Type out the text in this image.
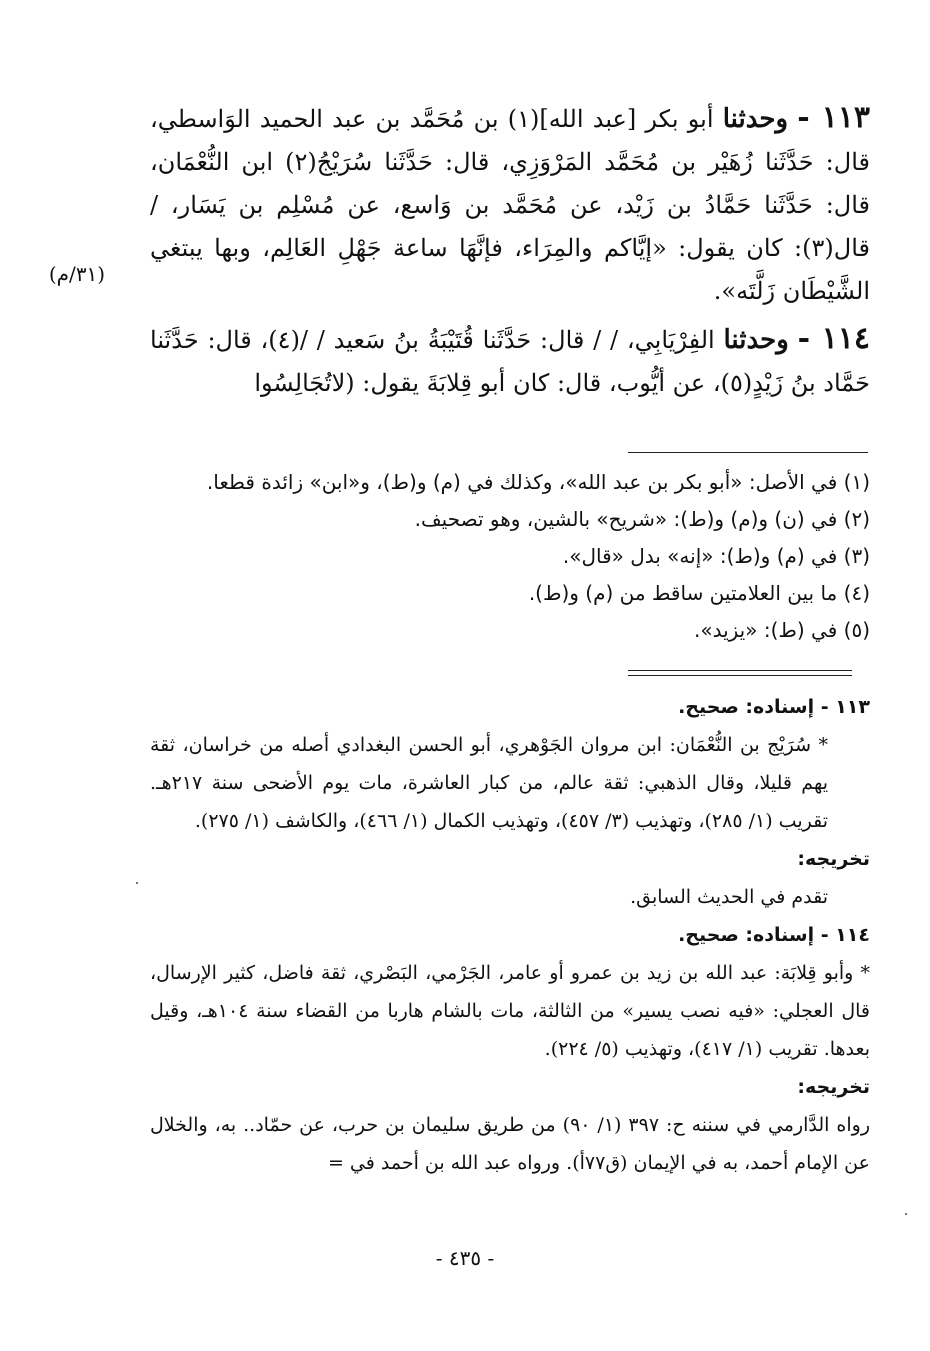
١١٣ - وحدثنا أبو بكر [عبد الله](١) بن مُحَمَّد بن عبد الحميد الوَاسطي، قال: حَدَّثَنا زُهَيْر بن مُحَمَّد المَرْوَزِي، قال: حَدَّثَنا سُرَيْجُ(٢) ابن النُّعْمَان، قال: حَدَّثَنا حَمَّادُ بن زَيْد، عن مُحَمَّد بن وَاسع، عن مُسْلِم بن يَسَار، / قال(٣): كان يقول: «إيَّاكم والمِرَاء، فإنَّهَا ساعة جَهْلِ العَالِم، وبها يبتغي الشَّيْطَان زَلَّتَه».

١١٤ - وحدثنا الفِرْيَابِي، / / قال: حَدَّثَنا قُتَيْبَةُ بنُ سَعيد / /(٤)، قال: حَدَّثَنا حَمَّاد بنُ زَيْدٍ(٥)، عن أيُّوب، قال: كان أبو قِلابَةَ يقول: (لاتُجَالِسُوا

(٣١/م)
(١) في الأصل: «أبو بكر بن عبد الله»، وكذلك في (م) و(ط)، و«ابن» زائدة قطعا.
(٢) في (ن) و(م) و(ط): «شريح» بالشين، وهو تصحيف.
(٣) في (م) و(ط): «إنه» بدل «قال».
(٤) ما بين العلامتين ساقط من (م) و(ط).
(٥) في (ط): «يزيد».

١١٣ - إسناده: صحيح.

* سُرَيْج بن النُّعْمَان: ابن مروان الجَوْهري، أبو الحسن البغدادي أصله من خراسان، ثقة يهم قليلا، وقال الذهبي: ثقة عالم، من كبار العاشرة، مات يوم الأضحى سنة ٢١٧هـ. تقريب (١/ ٢٨٥)، وتهذيب (٣/ ٤٥٧)، وتهذيب الكمال (١/ ٤٦٦)، والكاشف (١/ ٢٧٥).

تخريجه:

تقدم في الحديث السابق.

١١٤ - إسناده: صحيح.

* وأبو قِلابَة: عبد الله بن زيد بن عمرو أو عامر، الجَرْمي، البَصْري، ثقة فاضل، كثير الإرسال، قال العجلي: «فيه نصب يسير» من الثالثة، مات بالشام هاربا من القضاء سنة ١٠٤هـ، وقيل بعدها. تقريب (١/ ٤١٧)، وتهذيب (٥/ ٢٢٤).

تخريجه:

رواه الدَّارمي في سننه ح: ٣٩٧ (١/ ٩٠) من طريق سليمان بن حرب، عن حمّاد.. به، والخلال عن الإمام أحمد، به في الإيمان (ق٧٧أ). ورواه عبد الله بن أحمد في =

- ٤٣٥ -
